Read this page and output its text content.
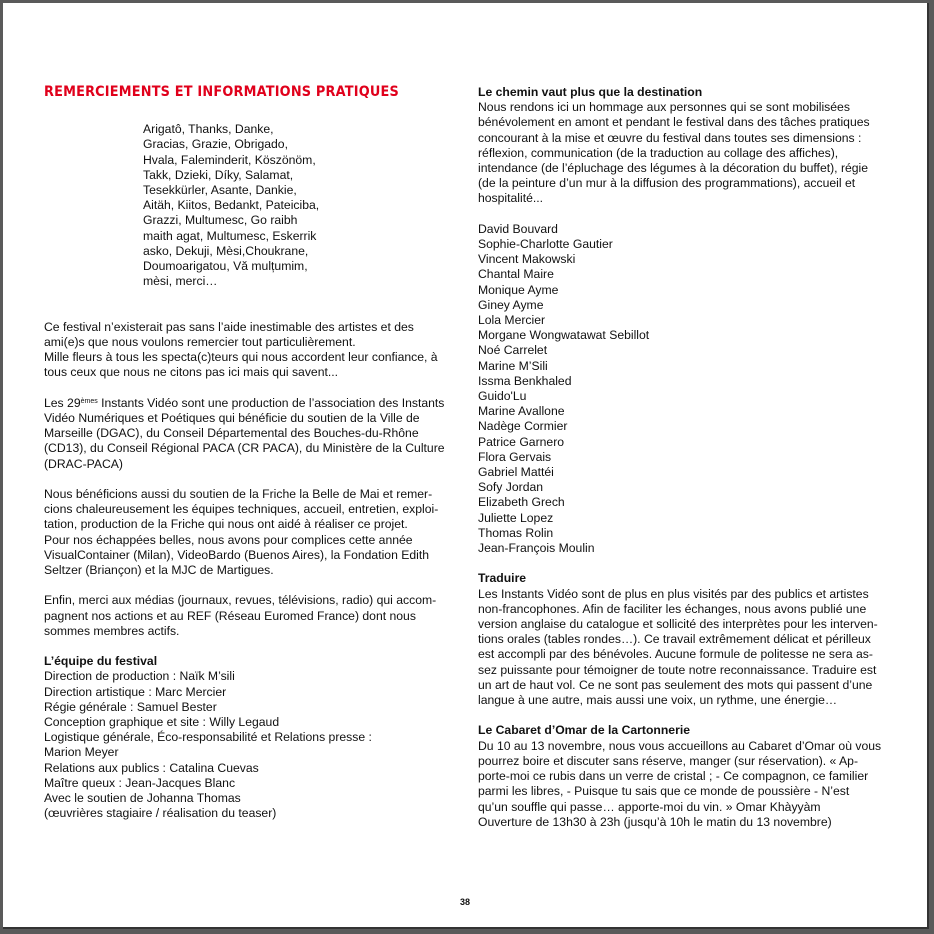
REMERCIEMENTS ET INFORMATIONS PRATIQUES
Arigatô, Thanks, Danke,
Gracias, Grazie, Obrigado,
Hvala, Faleminderit, Köszönöm,
Takk, Dzieki, Díky, Salamat,
Tesekkürler, Asante, Dankie,
Aitäh, Kiitos, Bedankt, Pateiciba,
Grazzi, Multumesc, Go raibh
maith agat, Multumesc, Eskerrik
asko, Dekuji, Mèsi,Choukrane,
Doumoarigatou, Vă mulțumim,
mèsi, merci…
Ce festival n’existerait pas sans l’aide inestimable des artistes et des
ami(e)s que nous voulons remercier tout particulièrement.
Mille fleurs à tous les specta(c)teurs qui nous accordent leur confiance, à
tous ceux que nous ne citons pas ici mais qui savent...
Les 29èmes Instants Vidéo sont une production de l’association des Instants
Vidéo Numériques et Poétiques qui bénéficie du soutien de la Ville de
Marseille (DGAC), du Conseil Départemental des Bouches-du-Rhône
(CD13), du Conseil Régional PACA (CR PACA), du Ministère de la Culture
(DRAC-PACA)
Nous bénéficions aussi du soutien de la Friche la Belle de Mai et remer-
cions chaleureusement les équipes techniques, accueil, entretien, exploi-
tation, production de la Friche qui nous ont aidé à réaliser ce projet.
Pour nos échappées belles, nous avons pour complices cette année
VisualContainer (Milan), VideoBardo (Buenos Aires), la Fondation Edith
Seltzer (Briançon) et la MJC de Martigues.
Enfin, merci aux médias (journaux, revues, télévisions, radio) qui accom-
pagnent nos actions et au REF (Réseau Euromed France) dont nous
sommes membres actifs.
L’équipe du festival
Direction de production : Naïk M’sili
Direction artistique : Marc Mercier
Régie générale : Samuel Bester
Conception graphique et site : Willy Legaud
Logistique générale, Éco-responsabilité et Relations presse :
Marion Meyer
Relations aux publics : Catalina Cuevas
Maître queux : Jean-Jacques Blanc
Avec le soutien de Johanna Thomas
(œuvrières stagiaire / réalisation du teaser)
Le chemin vaut plus que la destination
Nous rendons ici un hommage aux personnes qui se sont mobilisées
bénévolement en amont et pendant le festival dans des tâches pratiques
concourant à la mise et œuvre du festival dans toutes ses dimensions :
réflexion, communication (de la traduction au collage des affiches),
intendance (de l’épluchage des légumes à la décoration du buffet), régie
(de la peinture d’un mur à la diffusion des programmations), accueil et
hospitalité...
David Bouvard
Sophie-Charlotte Gautier
Vincent Makowski
Chantal Maire
Monique Ayme
Giney Ayme
Lola Mercier
Morgane Wongwatawat Sebillot
Noé Carrelet
Marine M’Sili
Issma Benkhaled
Guido'Lu
Marine Avallone
Nadège Cormier
Patrice Garnero
Flora Gervais
Gabriel Mattéi
Sofy Jordan
Elizabeth Grech
Juliette Lopez
Thomas Rolin
Jean-François Moulin
Traduire
Les Instants Vidéo sont de plus en plus visités par des publics et artistes
non-francophones. Afin de faciliter les échanges, nous avons publié une
version anglaise du catalogue et sollicité des interprètes pour les interven-
tions orales (tables rondes…). Ce travail extrêmement délicat et périlleux
est accompli par des bénévoles. Aucune formule de politesse ne sera as-
sez puissante pour témoigner de toute notre reconnaissance. Traduire est
un art de haut vol. Ce ne sont pas seulement des mots qui passent d’une
langue à une autre, mais aussi une voix, un rythme, une énergie…
Le Cabaret d’Omar de la Cartonnerie
Du 10 au 13 novembre, nous vous accueillons au Cabaret d’Omar où vous
pourrez boire et discuter sans réserve, manger (sur réservation). « Ap-
porte-moi ce rubis dans un verre de cristal ; - Ce compagnon, ce familier
parmi les libres, - Puisque tu sais que ce monde de poussière - N’est
qu’un souffle qui passe… apporte-moi du vin. » Omar Khàyyàm
Ouverture de 13h30 à 23h (jusqu’à 10h le matin du 13 novembre)
38
